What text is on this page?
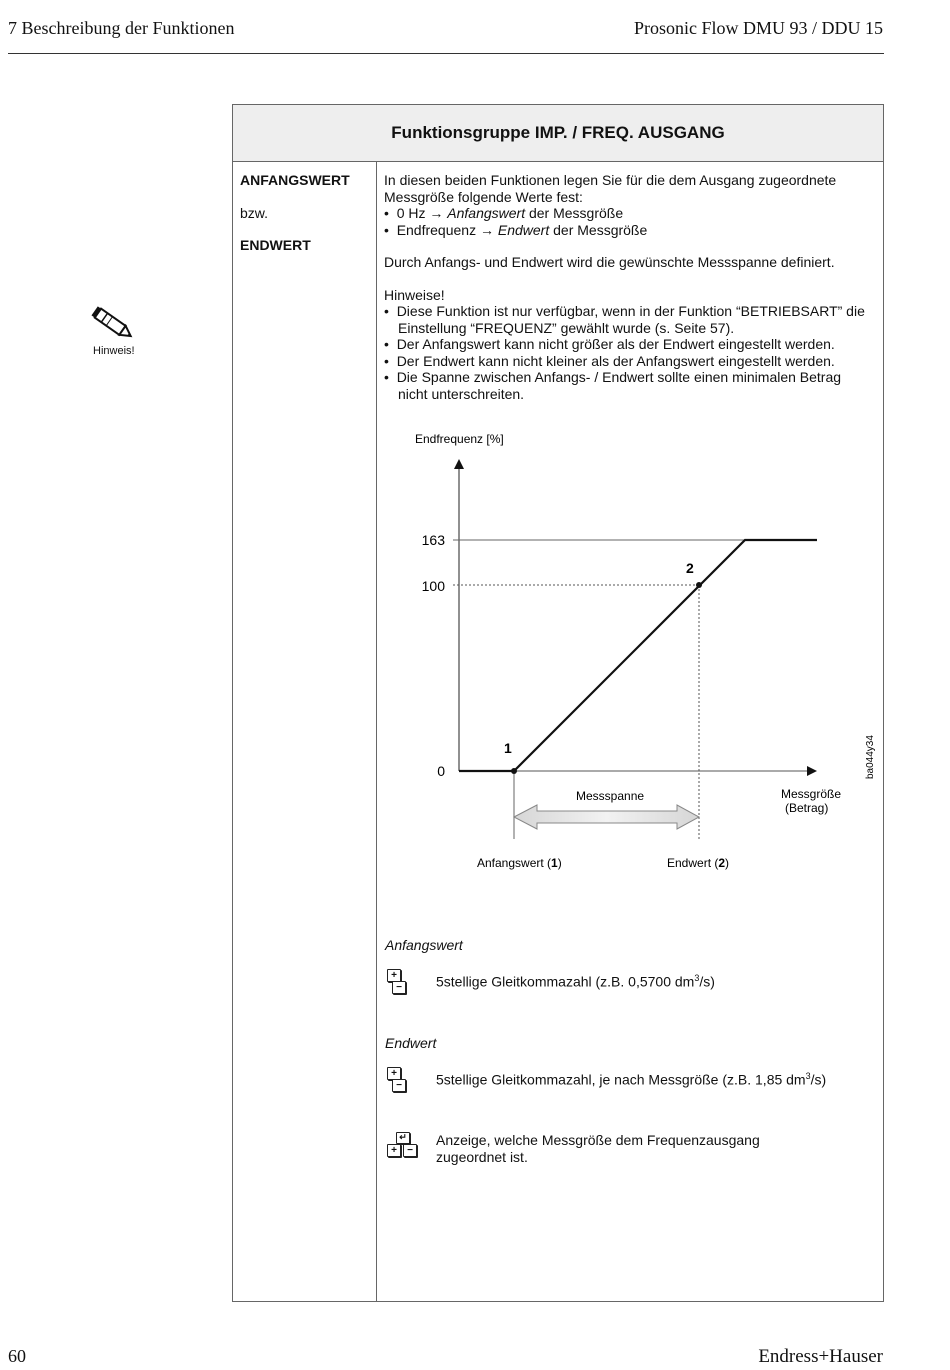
7 Beschreibung der Funktionen	Prosonic Flow DMU 93 / DDU 15
Hinweis!
Funktionsgruppe IMP. / FREQ. AUSGANG
ANFANGSWERT
bzw.
ENDWERT
In diesen beiden Funktionen legen Sie für die dem Ausgang zugeordnete
Messgröße folgende Werte fest:
•  0 Hz → Anfangswert der Messgröße
•  Endfrequenz → Endwert der Messgröße
Durch Anfangs- und Endwert wird die gewünschte Messspanne definiert.
Hinweise!
•  Diese Funktion ist nur verfügbar, wenn in der Funktion “BETRIEBSART” die Einstellung “FREQUENZ” gewählt wurde (s. Seite 57).
•  Der Anfangswert kann nicht größer als der Endwert eingestellt werden.
•  Der Endwert kann nicht kleiner als der Anfangswert eingestellt werden.
•  Die Spanne zwischen Anfangs- / Endwert sollte einen minimalen Betrag nicht unterschreiten.
Endfrequenz [%]
163
100
0
1
2
Messgröße
(Betrag)
Messspanne
Anfangswert (1)	Endwert (2)
ba044y34
Anfangswert
+
− 5stellige Gleitkommazahl (z.B. 0,5700 $dm^3/s$)
Endwert
+
− 5stellige Gleitkommazahl, je nach Messgröße (z.B. 1,85 $dm^3/s$)
↵
+	−
Anzeige, welche Messgröße dem Frequenzausgang
zugeordnet ist.
60	Endress+Hauser
